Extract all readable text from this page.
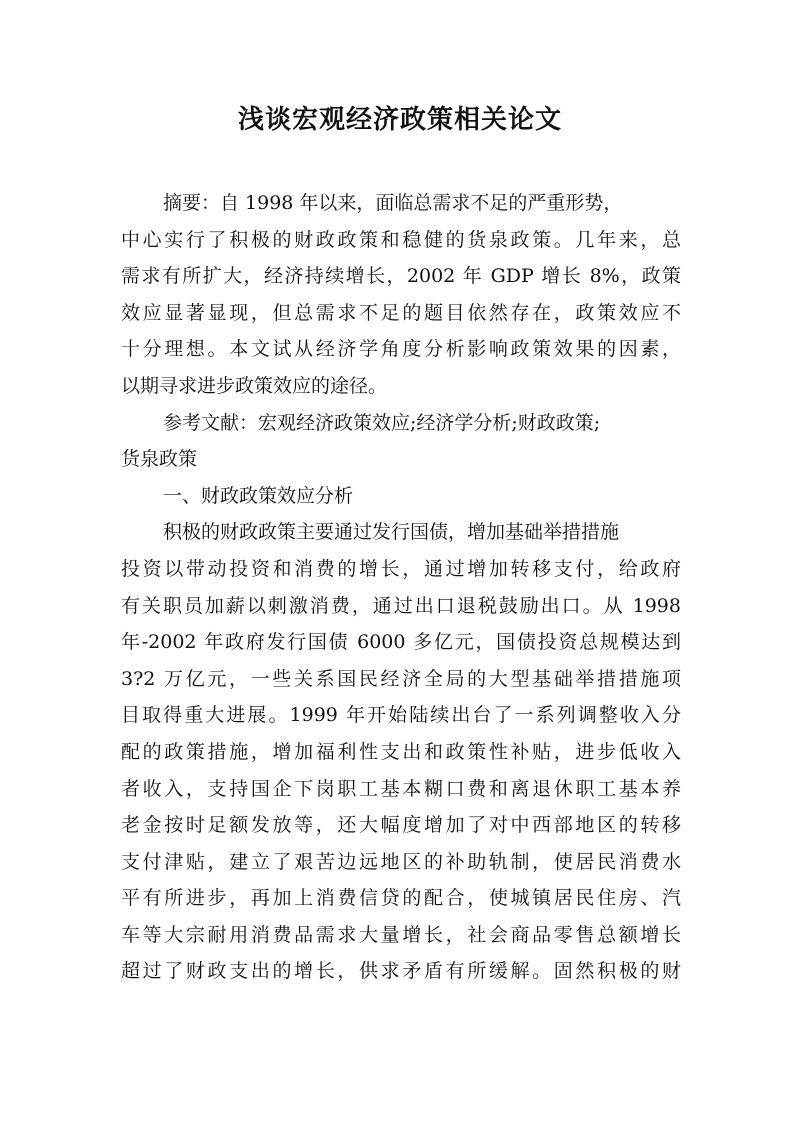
浅谈宏观经济政策相关论文
摘要：自 1998 年以来，面临总需求不足的严重形势，
中心实行了积极的财政政策和稳健的货泉政策。几年来，总
需求有所扩大，经济持续增长，2002 年 GDP 增长 8%，政策
效应显著显现，但总需求不足的题目依然存在，政策效应不
十分理想。本文试从经济学角度分析影响政策效果的因素，
以期寻求进步政策效应的途径。
参考文献：宏观经济政策效应;经济学分析;财政政策;
货泉政策
一、财政政策效应分析
积极的财政政策主要通过发行国债，增加基础举措措施
投资以带动投资和消费的增长，通过增加转移支付，给政府
有关职员加薪以刺激消费，通过出口退税鼓励出口。从 1998
年-2002 年政府发行国债 6000 多亿元，国债投资总规模达到
3?2 万亿元，一些关系国民经济全局的大型基础举措措施项
目取得重大进展。1999 年开始陆续出台了一系列调整收入分
配的政策措施，增加福利性支出和政策性补贴，进步低收入
者收入，支持国企下岗职工基本糊口费和离退休职工基本养
老金按时足额发放等，还大幅度增加了对中西部地区的转移
支付津贴，建立了艰苦边远地区的补助轨制，使居民消费水
平有所进步，再加上消费信贷的配合，使城镇居民住房、汽
车等大宗耐用消费品需求大量增长，社会商品零售总额增长
超过了财政支出的增长，供求矛盾有所缓解。固然积极的财
